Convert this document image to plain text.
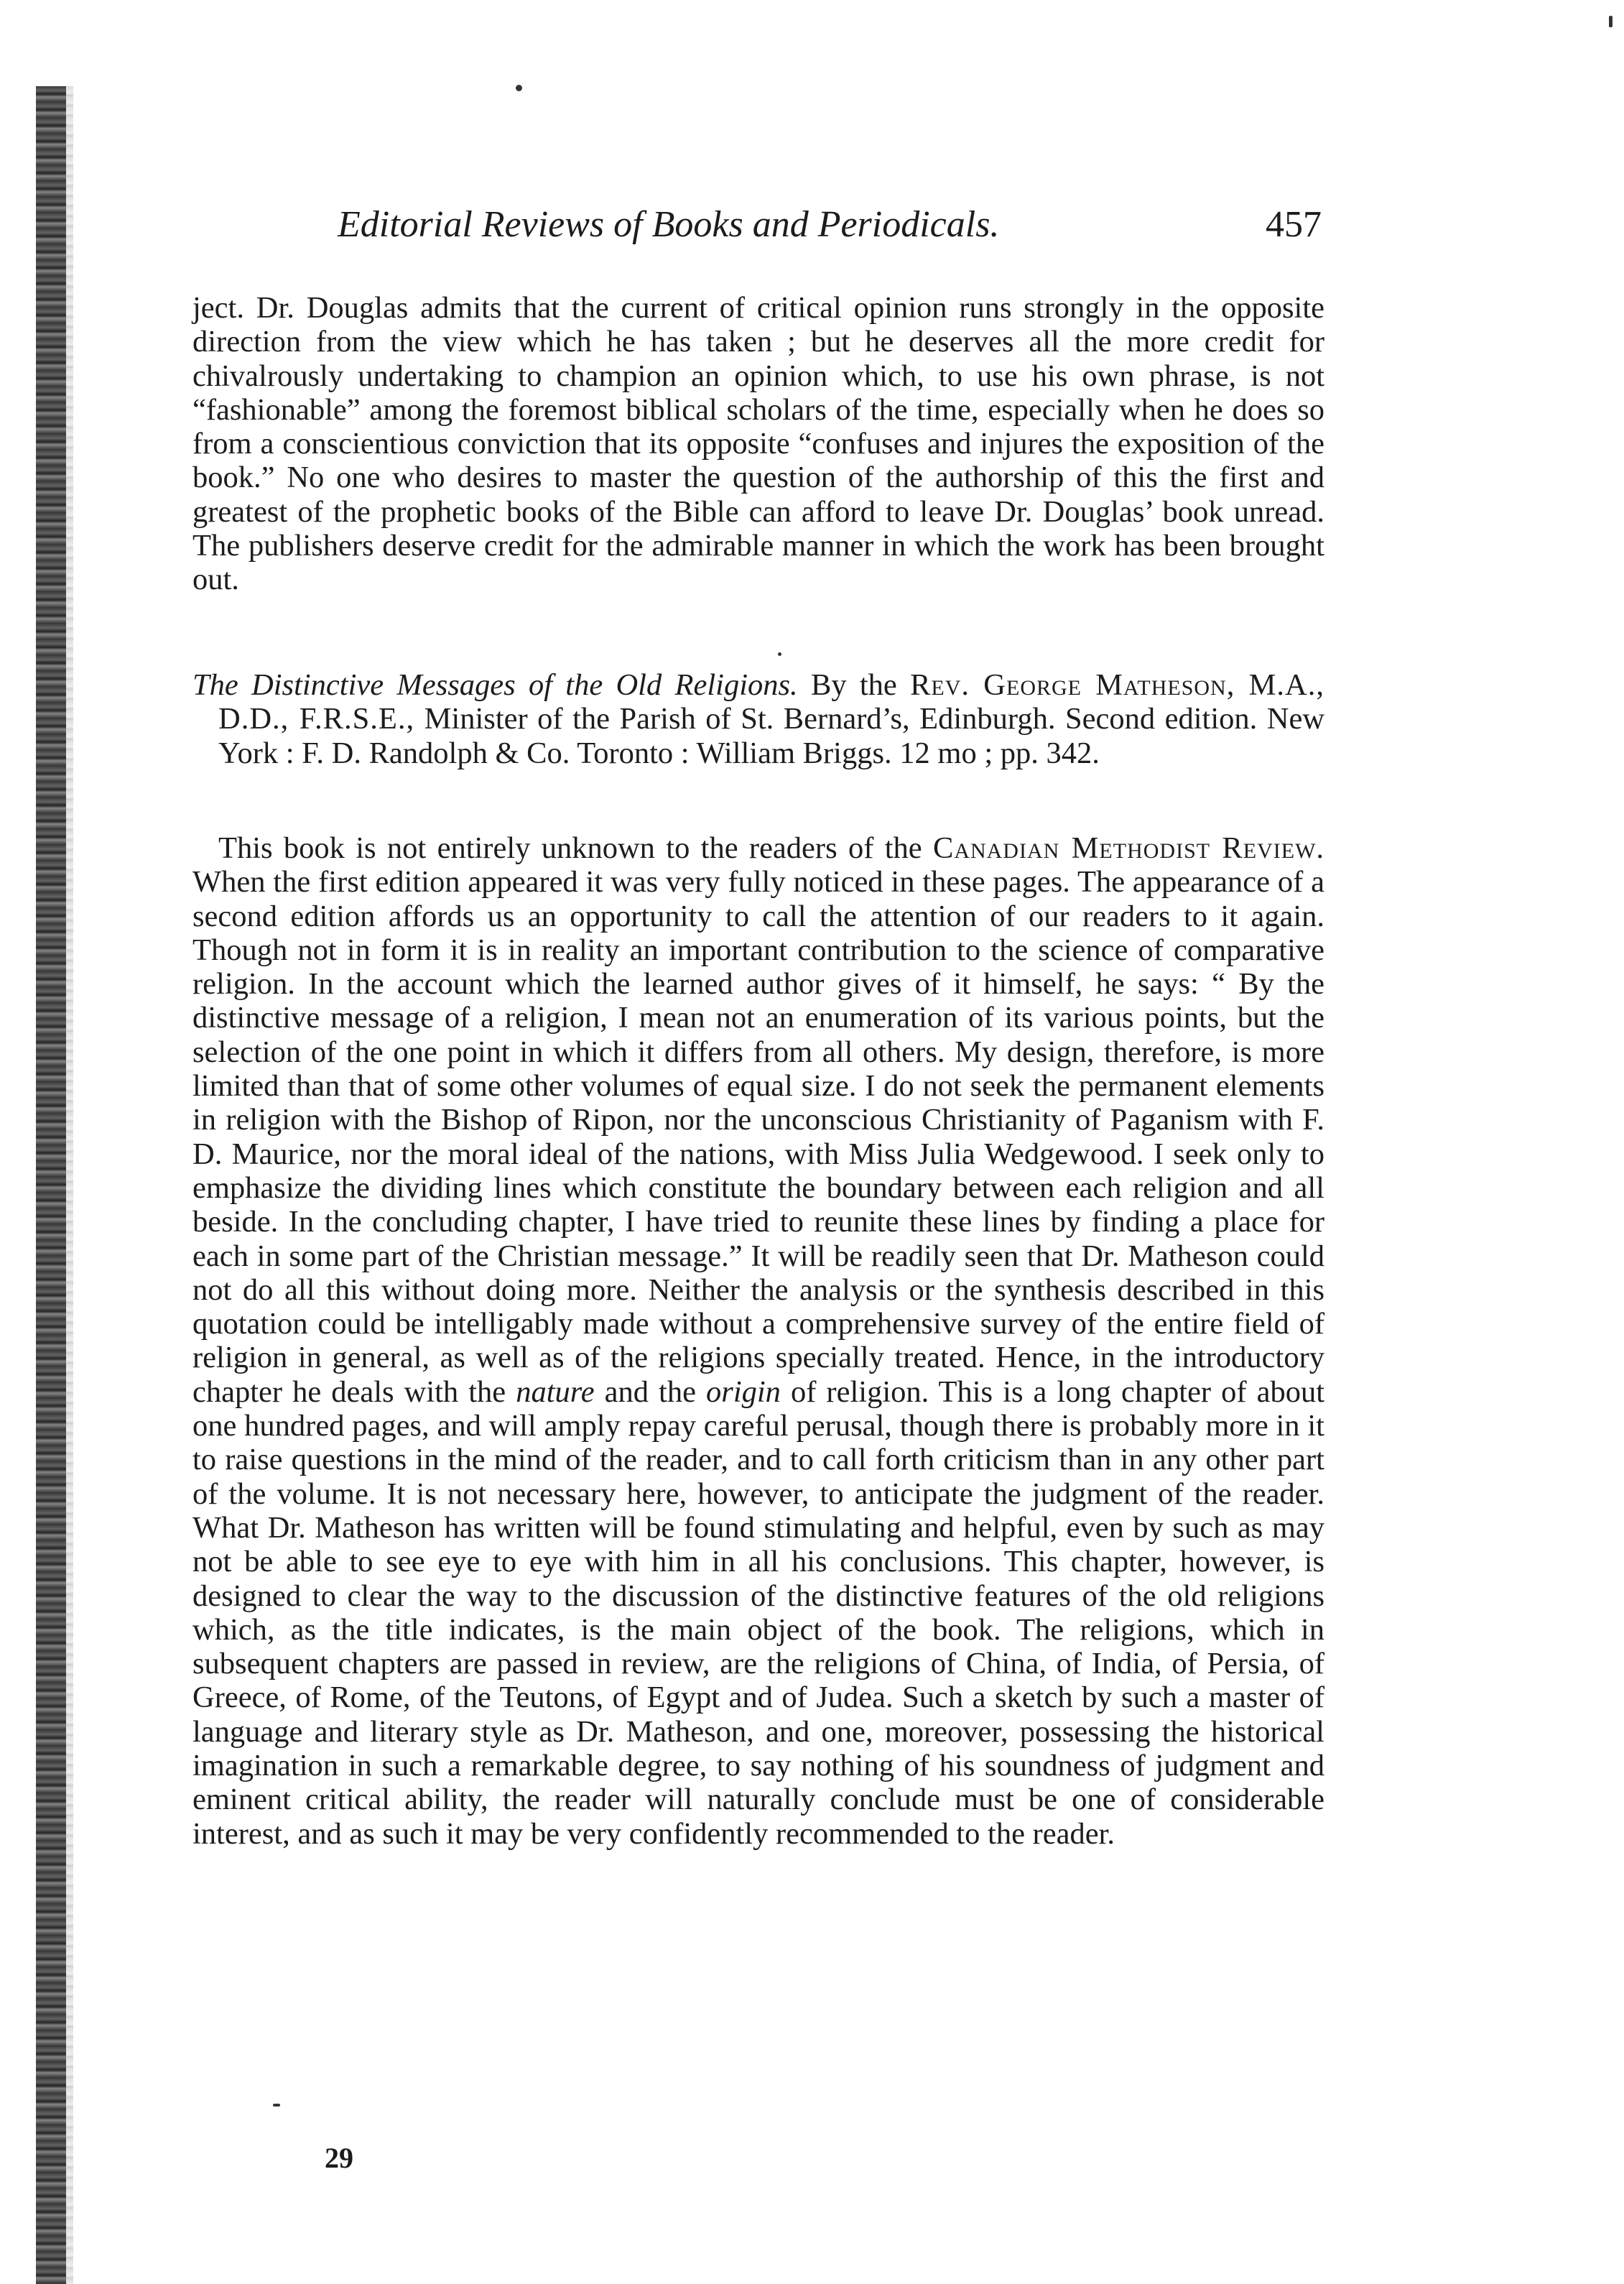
Editorial Reviews of Books and Periodicals.	457

ject. Dr. Douglas admits that the current of critical opinion runs strongly in the opposite direction from the view which he has taken ; but he deserves all the more credit for chivalrously undertaking to champion an opinion which, to use his own phrase, is not “fashionable” among the foremost biblical scholars of the time, especially when he does so from a conscientious conviction that its opposite “confuses and injures the exposition of the book.” No one who desires to master the question of the authorship of this the first and greatest of the prophetic books of the Bible can afford to leave Dr. Douglas’ book unread. The publishers deserve credit for the admirable manner in which the work has been brought out.

The Distinctive Messages of the Old Religions. By the Rev. George Matheson, M.A., D.D., F.R.S.E., Minister of the Parish of St. Bernard’s, Edinburgh. Second edition. New York : F. D. Randolph & Co. Toronto : William Briggs. 12 mo ; pp. 342.

This book is not entirely unknown to the readers of the Canadian Methodist Review. When the first edition appeared it was very fully noticed in these pages. The appearance of a second edition affords us an opportunity to call the attention of our readers to it again. Though not in form it is in reality an important contribution to the science of comparative religion. In the account which the learned author gives of it himself, he says: “ By the distinctive message of a religion, I mean not an enumeration of its various points, but the selection of the one point in which it differs from all others. My design, therefore, is more limited than that of some other volumes of equal size. I do not seek the permanent elements in religion with the Bishop of Ripon, nor the unconscious Christianity of Paganism with F. D. Maurice, nor the moral ideal of the nations, with Miss Julia Wedgewood. I seek only to emphasize the dividing lines which constitute the boundary between each religion and all beside. In the concluding chapter, I have tried to reunite these lines by finding a place for each in some part of the Christian message.” It will be readily seen that Dr. Matheson could not do all this without doing more. Neither the analysis or the synthesis described in this quotation could be intelligably made without a comprehensive survey of the entire field of religion in general, as well as of the religions specially treated. Hence, in the introductory chapter he deals with the nature and the origin of religion. This is a long chapter of about one hundred pages, and will amply repay careful perusal, though there is probably more in it to raise questions in the mind of the reader, and to call forth criticism than in any other part of the volume. It is not necessary here, however, to anticipate the judgment of the reader. What Dr. Matheson has written will be found stimulating and helpful, even by such as may not be able to see eye to eye with him in all his conclusions. This chapter, however, is designed to clear the way to the discussion of the distinctive features of the old religions which, as the title indicates, is the main object of the book. The religions, which in subsequent chapters are passed in review, are the religions of China, of India, of Persia, of Greece, of Rome, of the Teutons, of Egypt and of Judea. Such a sketch by such a master of language and literary style as Dr. Matheson, and one, moreover, possessing the historical imagination in such a remarkable degree, to say nothing of his soundness of judgment and eminent critical ability, the reader will naturally conclude must be one of considerable interest, and as such it may be very confidently recommended to the reader.

29
